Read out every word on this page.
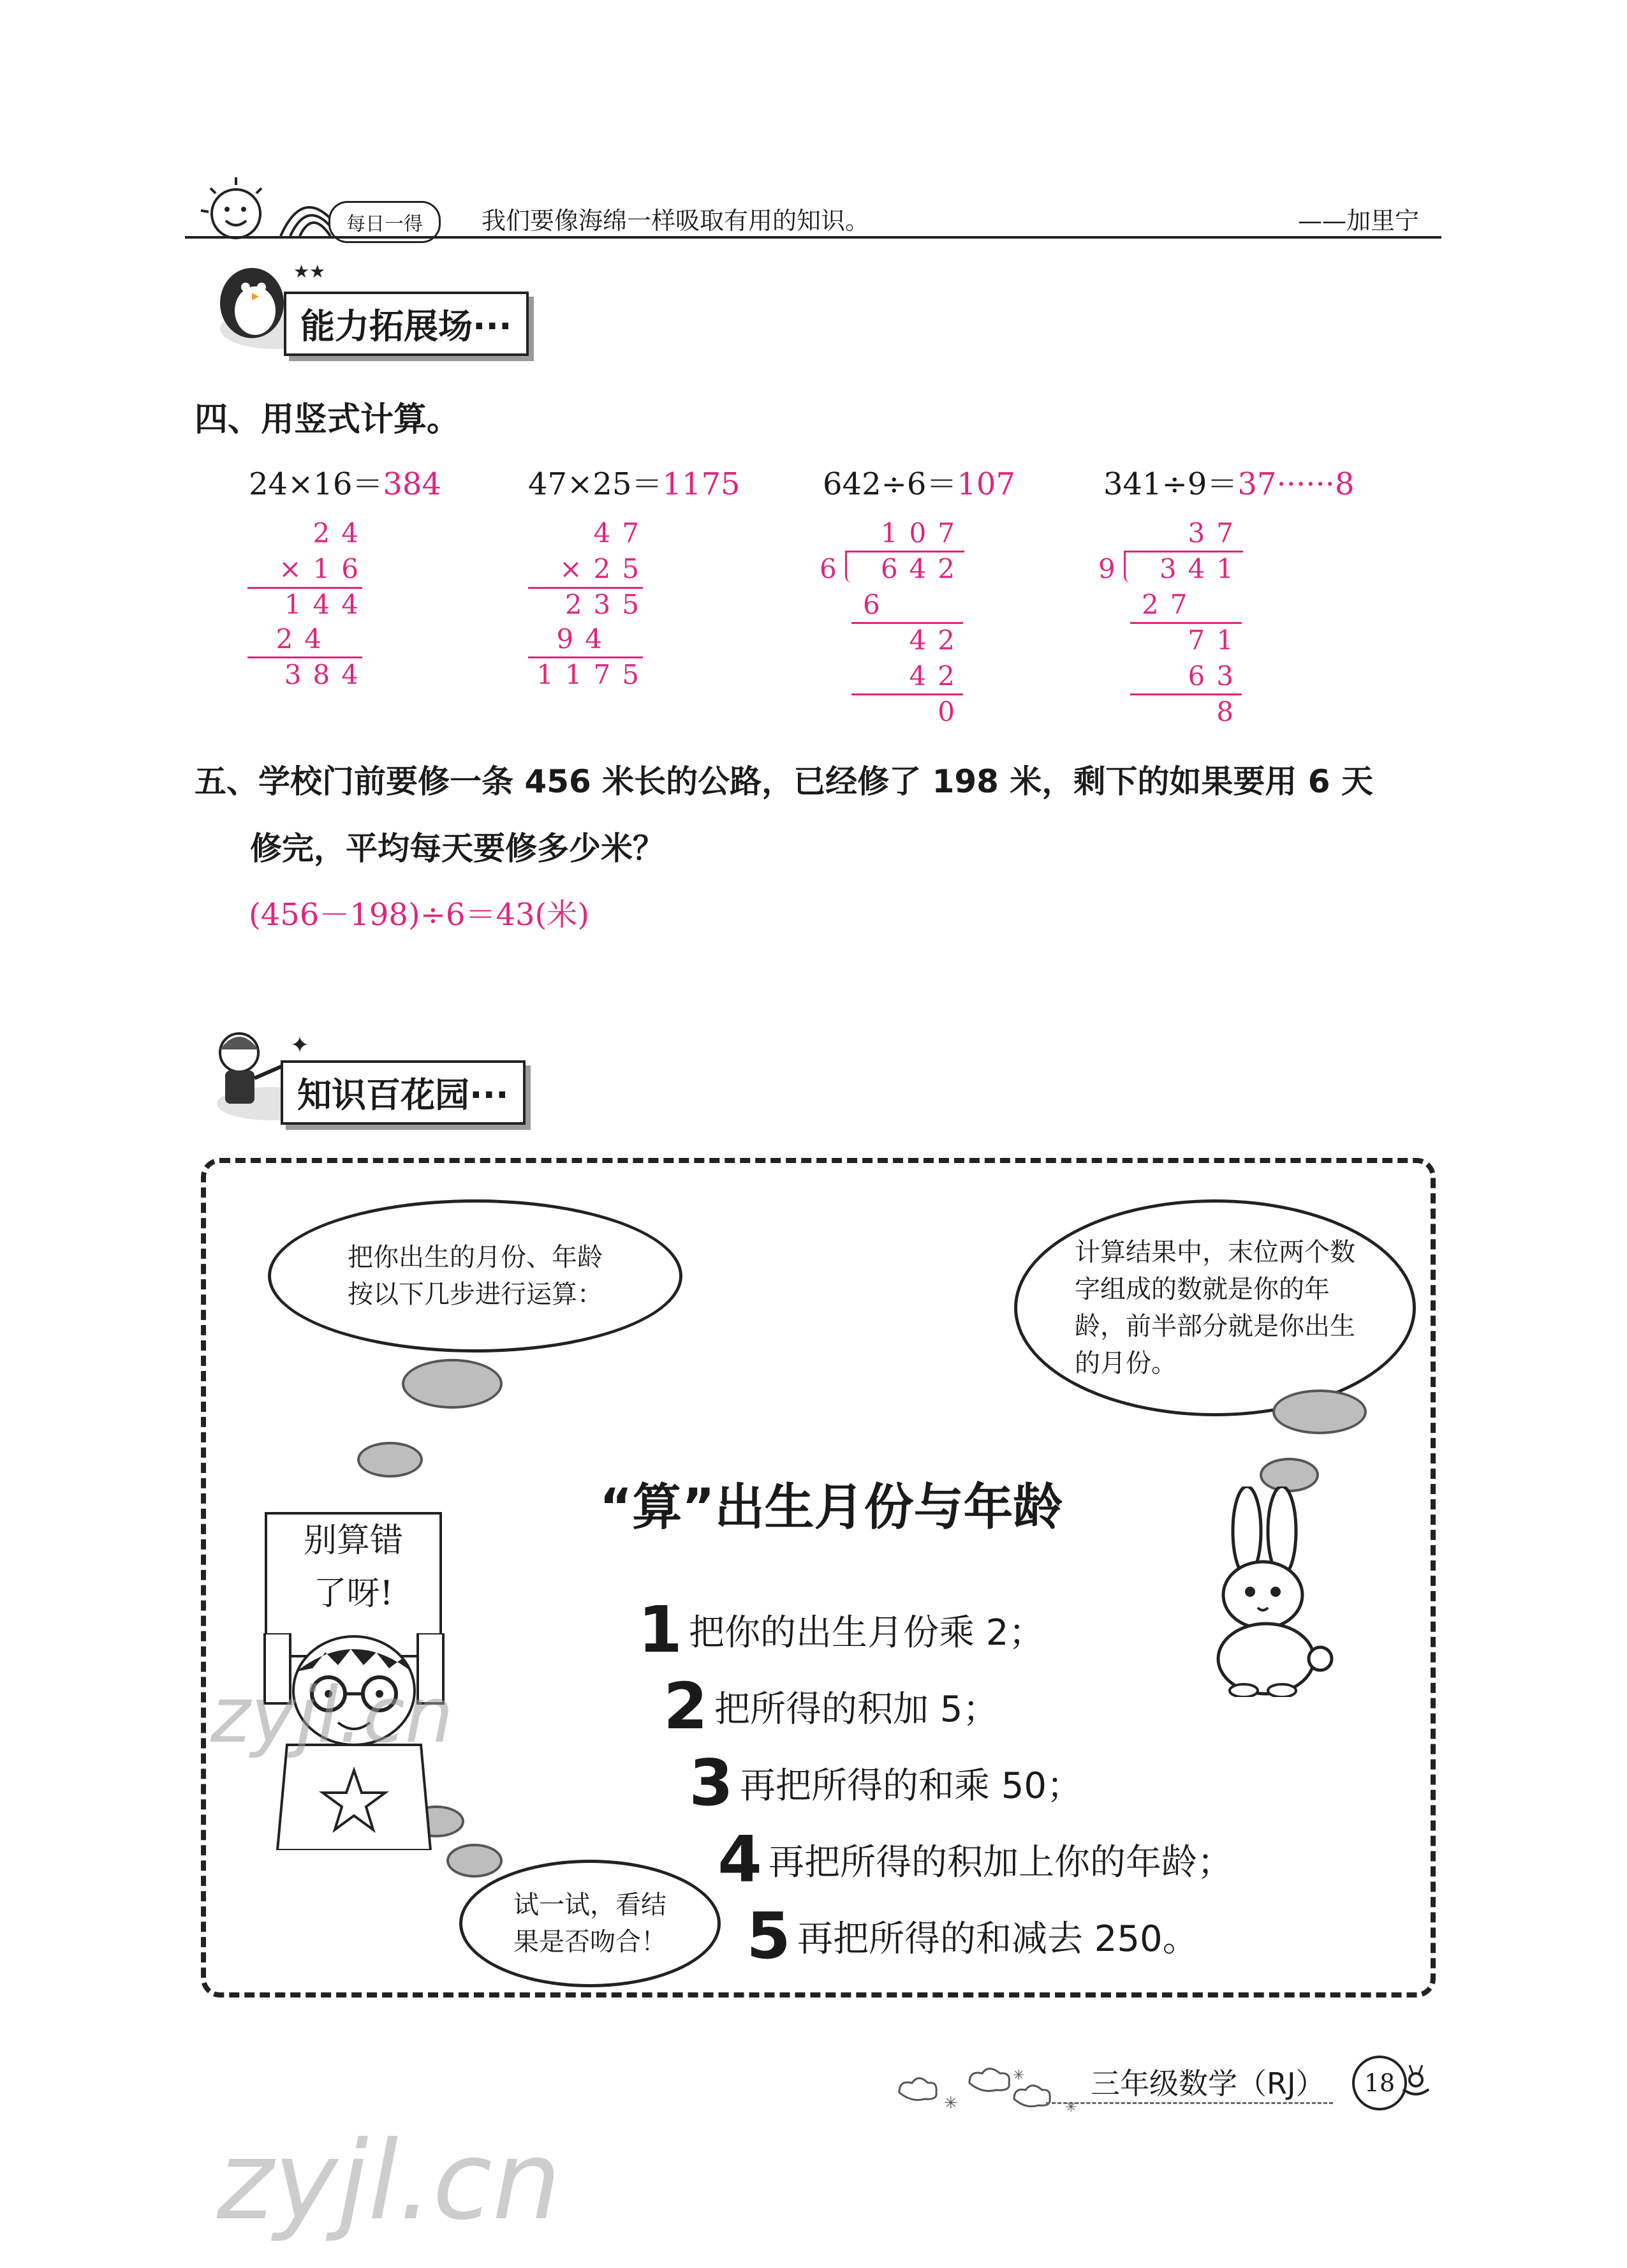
每日一得 我们要像海绵一样吸取有用的知识。	——加里宁
★★
能力拓展场···
四、用竖式计算。
24×16＝384	47×25＝1175	642÷6＝107	341÷9＝37······8
24
×16
144
24
384
47
×25
235
94
1175
107
6 642
6
42
42
0
37
9 341
27
71
63
8
五、学校门前要修一条 456 米长的公路，已经修了 198 米，剩下的如果要用 6 天
修完，平均每天要修多少米？
(456－198)÷6＝43(米)
✦
知识百花园···
把你出生的月份、年龄
按以下几步进行运算：
计算结果中，末位两个数
字组成的数就是你的年
龄，前半部分就是你出生
的月份。
“算”出生月份与年龄
别算错
了呀!	1 把你的出生月份乘 2；
2 把所得的积加 5；
3 再把所得的和乘 50；
4 再把所得的积加上你的年龄；
5 再把所得的和减去 250。
试一试，看结
果是否吻合！
zyjl.cn
✳
✳
✳
三年级数学（RJ） 18
zyjl.cn
